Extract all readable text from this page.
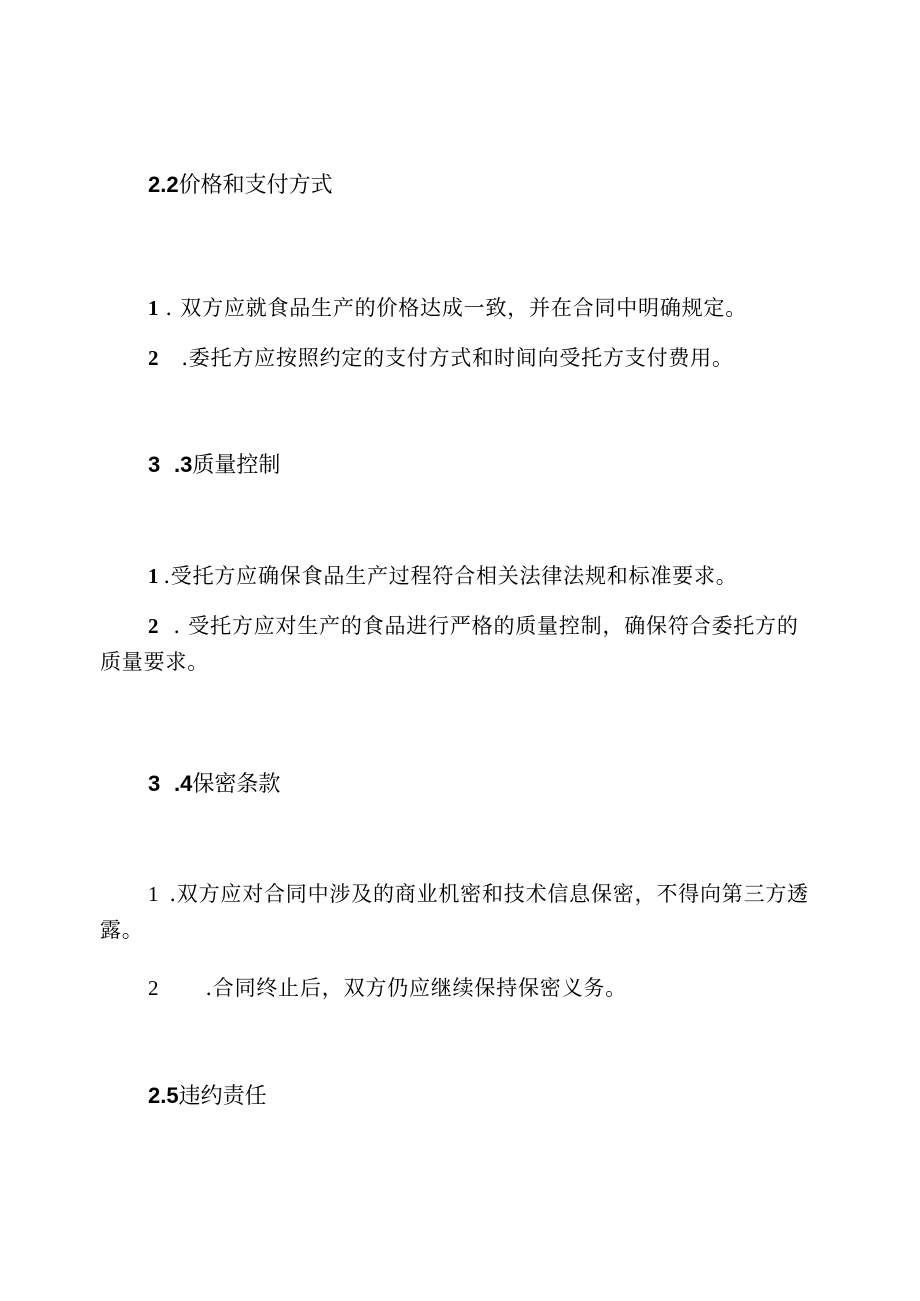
2.2价格和支付方式
1 . 双方应就食品生产的价格达成一致，并在合同中明确规定。
2 .委托方应按照约定的支付方式和时间向受托方支付费用。
3 .3质量控制
1 .受托方应确保食品生产过程符合相关法律法规和标准要求。
2 . 受托方应对生产的食品进行严格的质量控制，确保符合委托方的质量要求。
3 .4保密条款
1 .双方应对合同中涉及的商业机密和技术信息保密，不得向第三方透露。
2 .合同终止后，双方仍应继续保持保密义务。
2.5违约责任
